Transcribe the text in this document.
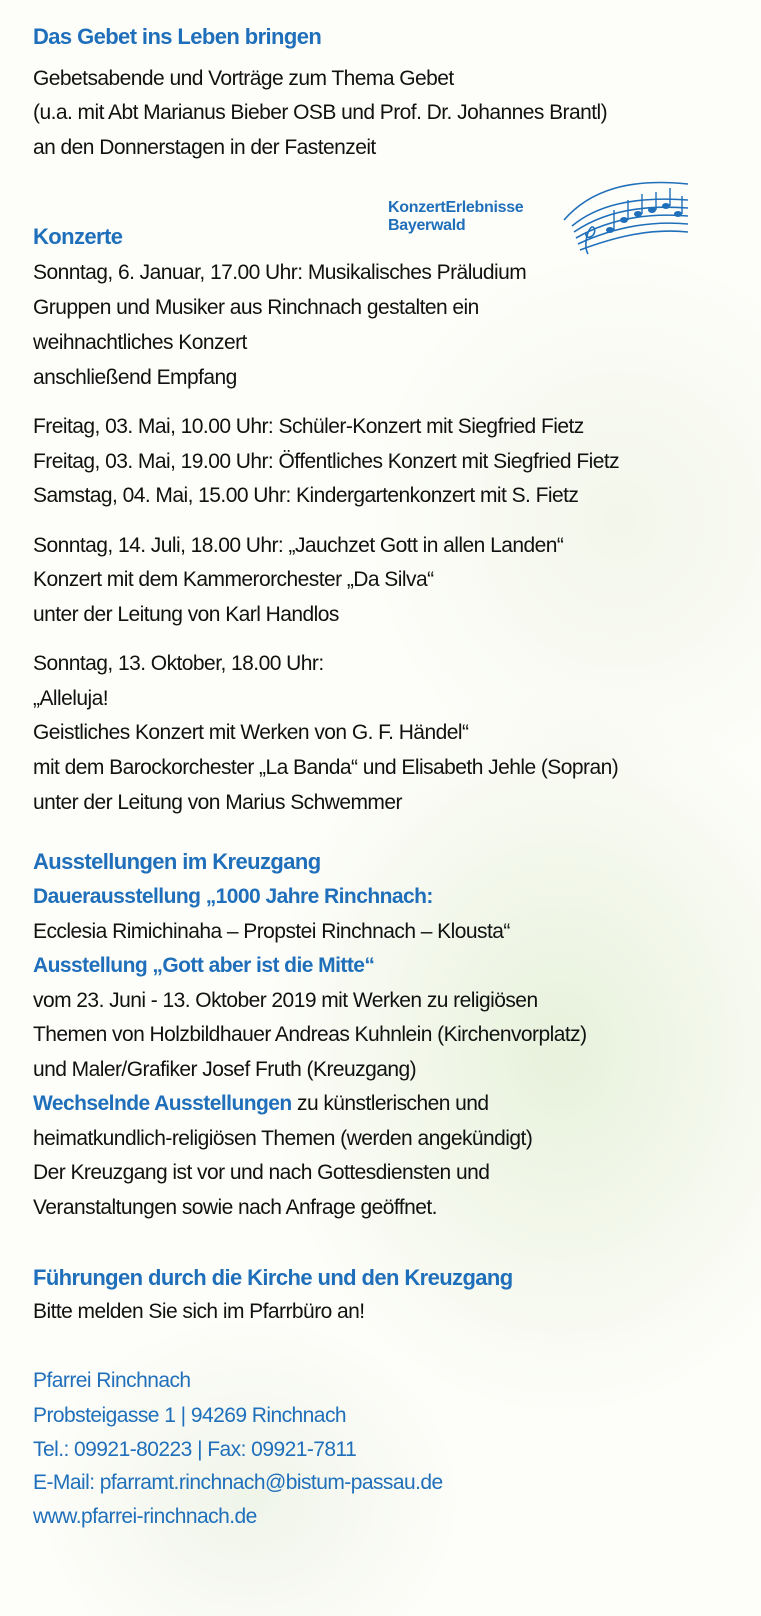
Das Gebet ins Leben bringen
Gebetsabende und Vorträge zum Thema Gebet
(u.a. mit Abt Marianus Bieber OSB und Prof. Dr. Johannes Brantl)
an den Donnerstagen in der Fastenzeit
KonzertErlebnisse
Bayerwald
Konzerte
Sonntag, 6. Januar, 17.00 Uhr: Musikalisches Präludium
Gruppen und Musiker aus Rinchnach gestalten ein
weihnachtliches Konzert
anschließend Empfang
Freitag, 03. Mai, 10.00 Uhr: Schüler-Konzert mit Siegfried Fietz
Freitag, 03. Mai, 19.00 Uhr: Öffentliches Konzert mit Siegfried Fietz
Samstag, 04. Mai, 15.00 Uhr: Kindergartenkonzert mit S. Fietz
Sonntag, 14. Juli, 18.00 Uhr: „Jauchzet Gott in allen Landen“
Konzert mit dem Kammerorchester „Da Silva“
unter der Leitung von Karl Handlos
Sonntag, 13. Oktober, 18.00 Uhr:
„Alleluja!
Geistliches Konzert mit Werken von G. F. Händel“
mit dem Barockorchester „La Banda“ und Elisabeth Jehle (Sopran)
unter der Leitung von Marius Schwemmer
Ausstellungen im Kreuzgang
Dauerausstellung „1000 Jahre Rinchnach:
Ecclesia Rimichinaha – Propstei Rinchnach – Klousta“
Ausstellung „Gott aber ist die Mitte“
vom 23. Juni - 13. Oktober 2019 mit Werken zu religiösen
Themen von Holzbildhauer Andreas Kuhnlein (Kirchenvorplatz)
und Maler/Grafiker Josef Fruth (Kreuzgang)
Wechselnde Ausstellungen zu künstlerischen und
heimatkundlich-religiösen Themen (werden angekündigt)
Der Kreuzgang ist vor und nach Gottesdiensten und
Veranstaltungen sowie nach Anfrage geöffnet.
Führungen durch die Kirche und den Kreuzgang
Bitte melden Sie sich im Pfarrbüro an!
Pfarrei Rinchnach
Probsteigasse 1 | 94269 Rinchnach
Tel.: 09921-80223 | Fax: 09921-7811
E-Mail: pfarramt.rinchnach@bistum-passau.de
www.pfarrei-rinchnach.de
